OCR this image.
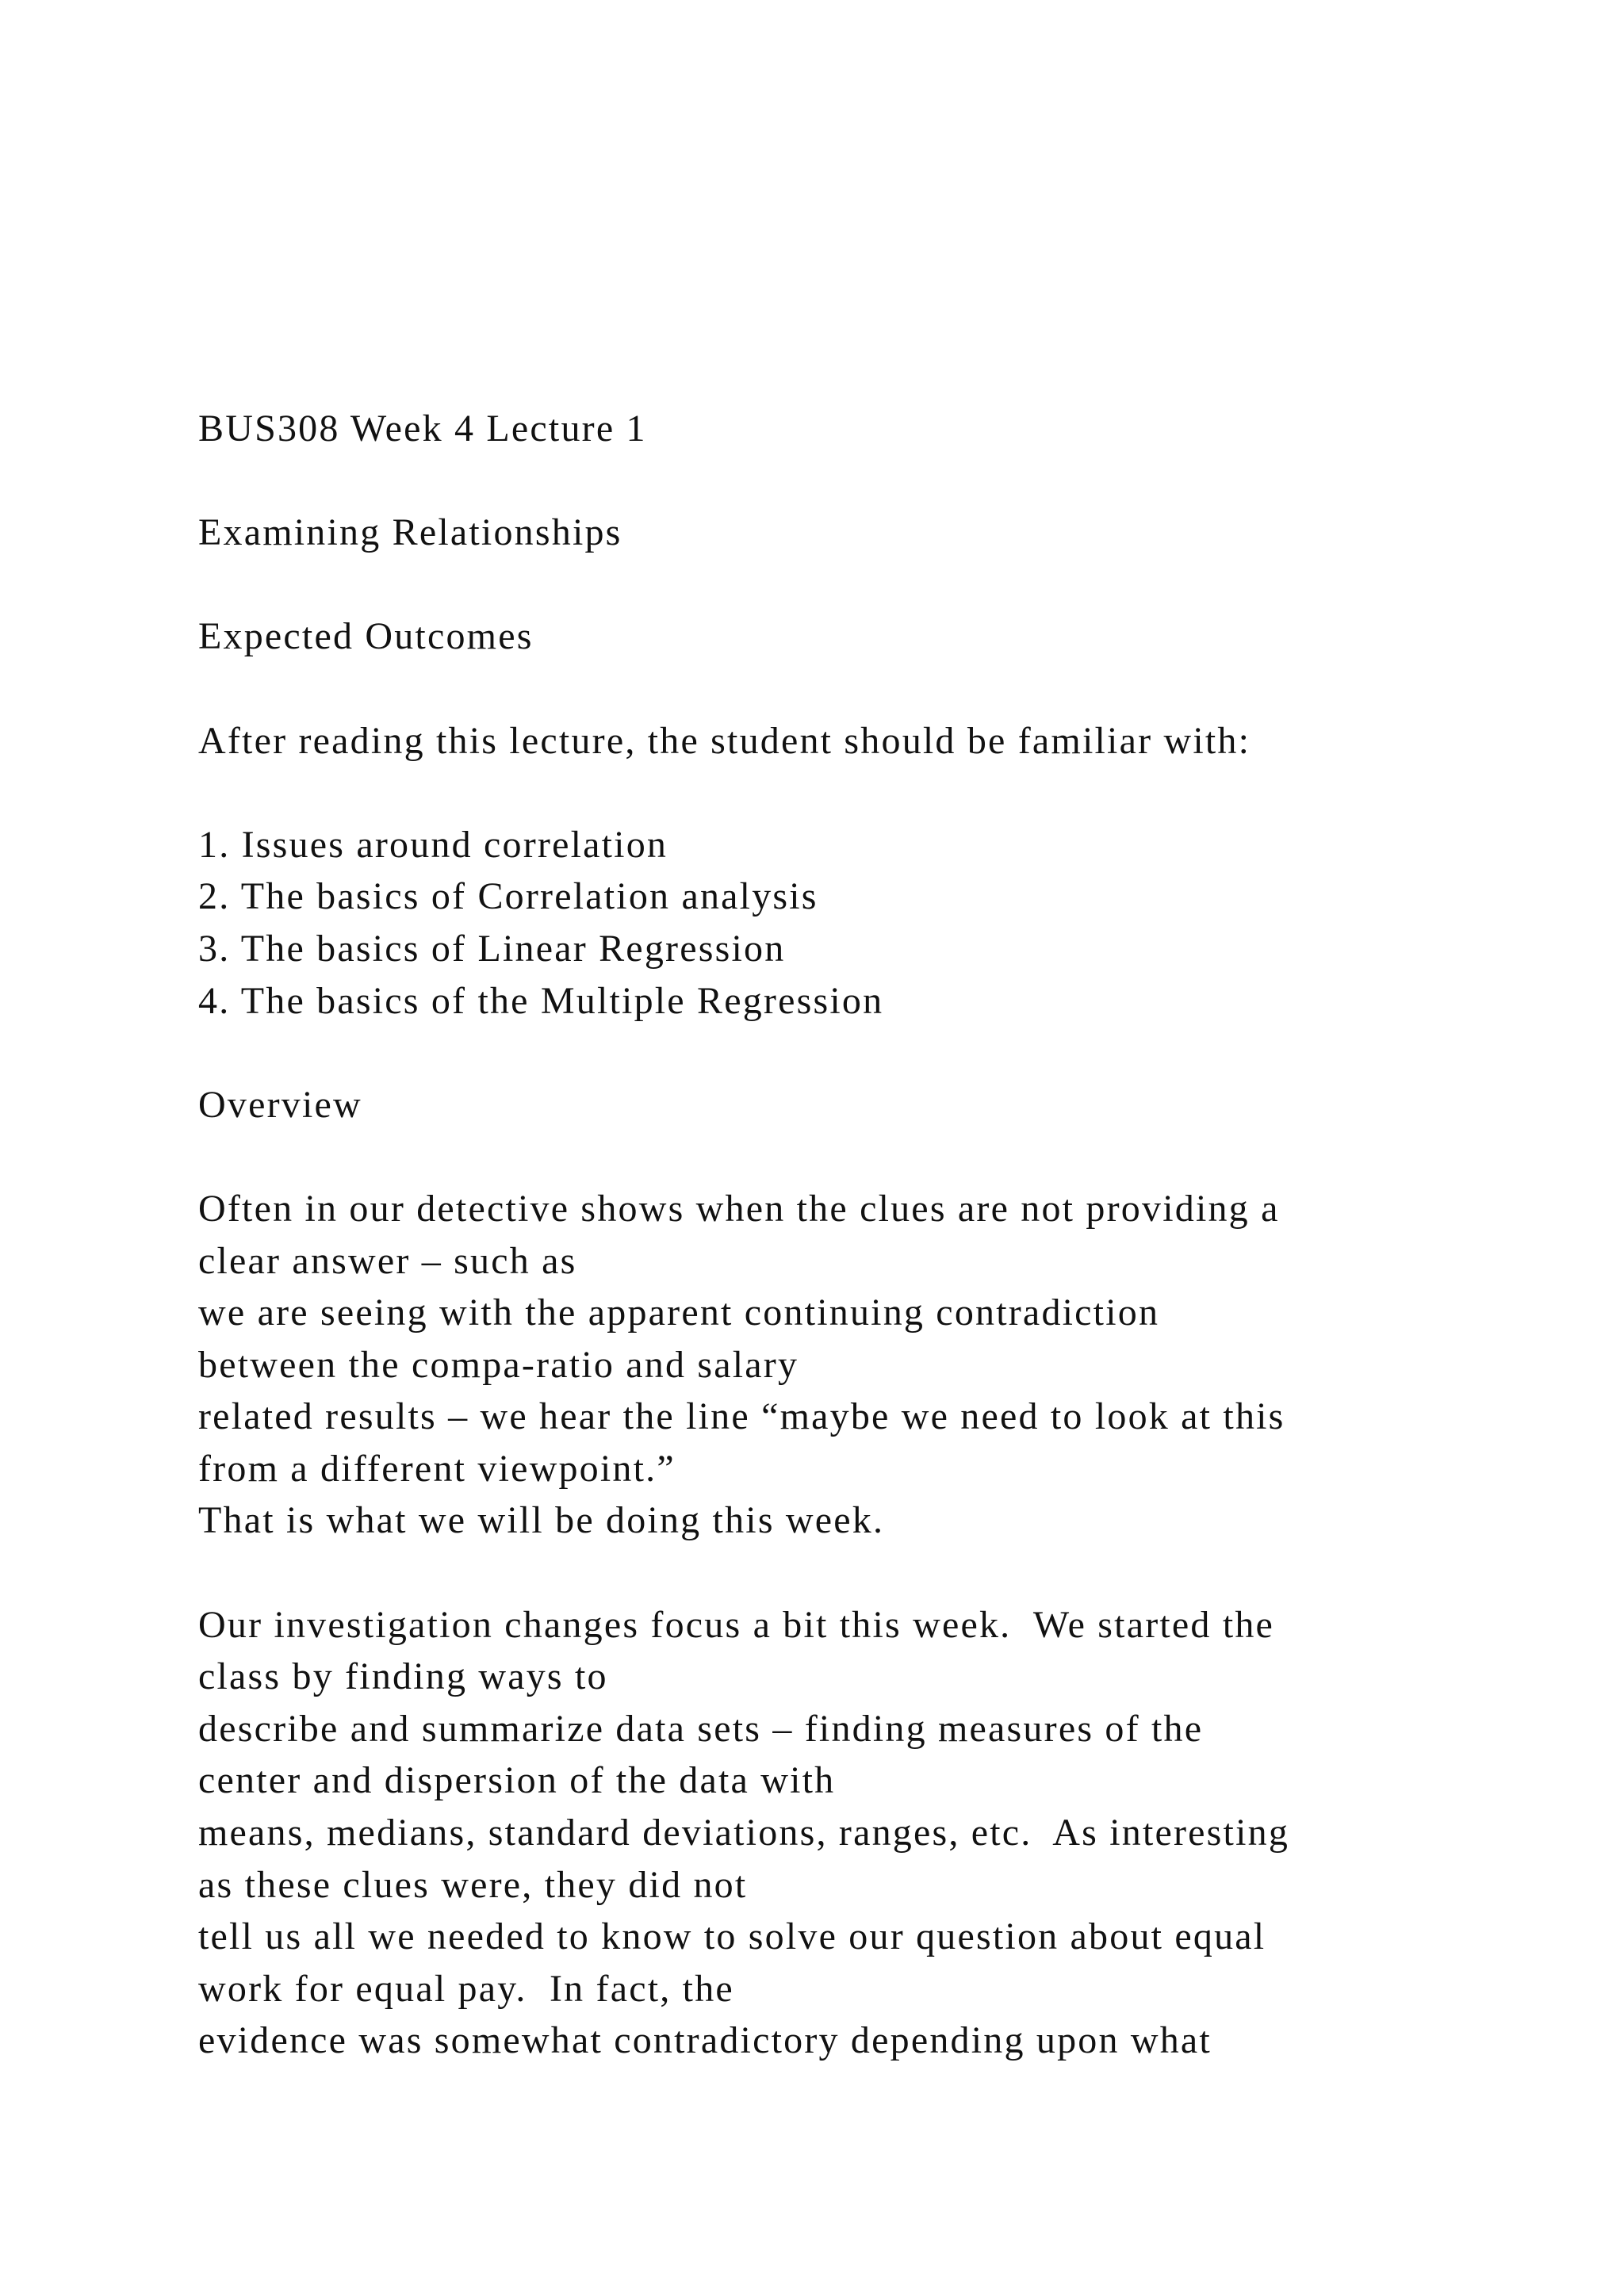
BUS308 Week 4 Lecture 1
Examining Relationships
Expected Outcomes
After reading this lecture, the student should be familiar with:
1. Issues around correlation
2. The basics of Correlation analysis
3. The basics of Linear Regression
4. The basics of the Multiple Regression
Overview
Often in our detective shows when the clues are not providing a
clear answer – such as
we are seeing with the apparent continuing contradiction
between the compa-ratio and salary
related results – we hear the line “maybe we need to look at this
from a different viewpoint.”
That is what we will be doing this week.
Our investigation changes focus a bit this week.  We started the
class by finding ways to
describe and summarize data sets – finding measures of the
center and dispersion of the data with
means, medians, standard deviations, ranges, etc.  As interesting
as these clues were, they did not
tell us all we needed to know to solve our question about equal
work for equal pay.  In fact, the
evidence was somewhat contradictory depending upon what
